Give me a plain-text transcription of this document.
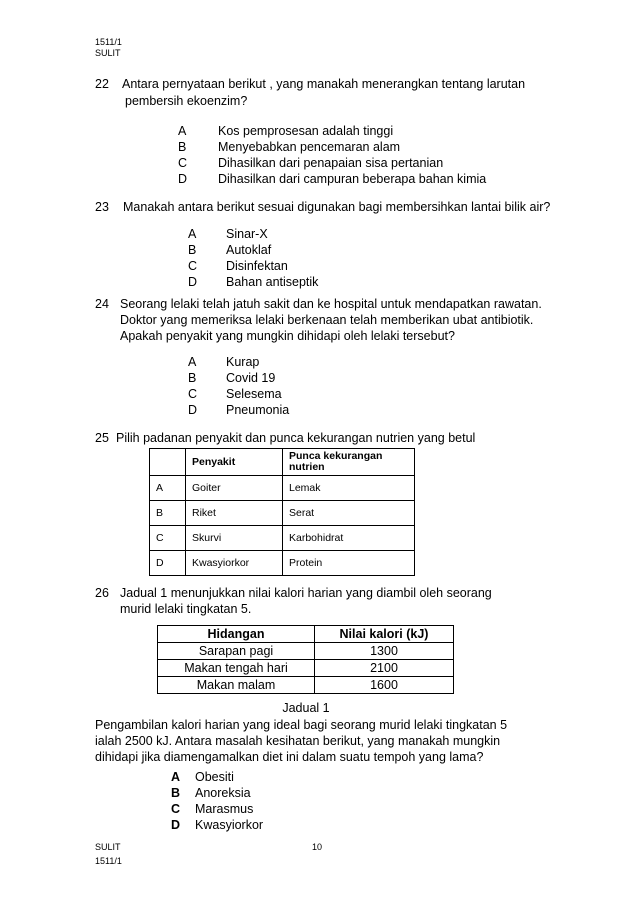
1511/1
SULIT
22 Antara pernyataan berikut , yang manakah menerangkan tentang larutan
pembersih ekoenzim?
A	Kos pemprosesan adalah tinggi
B	Menyebabkan pencemaran alam
C Dihasilkan dari penapaian sisa pertanian
D Dihasilkan dari campuran beberapa bahan kimia
23 Manakah antara berikut sesuai digunakan bagi membersihkan lantai bilik air?
A Sinar-X
B Autoklaf
C Disinfektan
D Bahan antiseptik
24 Seorang lelaki telah jatuh sakit dan ke hospital untuk mendapatkan rawatan.
Doktor yang memeriksa lelaki berkenaan telah memberikan ubat antibiotik.
Apakah penyakit yang mungkin dihidapi oleh lelaki tersebut?
A Kurap
B Covid 19
C Selesema
D Pneumonia
25 Pilih padanan penyakit dan punca kekurangan nutrien yang betul
	Penyakit	Punca kekurangan nutrien
A	Goiter	Lemak
B	Riket	Serat
C	Skurvi	Karbohidrat
D	Kwasyiorkor	Protein
26 Jadual 1 menunjukkan nilai kalori harian yang diambil oleh seorang
murid lelaki tingkatan 5.
Hidangan	Nilai kalori (kJ)
Sarapan pagi	1300
Makan tengah hari	2100
Makan malam	1600
Jadual 1
Pengambilan kalori harian yang ideal bagi seorang murid lelaki tingkatan 5
ialah 2500 kJ. Antara masalah kesihatan berikut, yang manakah mungkin
dihidapi jika diamengamalkan diet ini dalam suatu tempoh yang lama?
A Obesiti
B Anoreksia
C Marasmus
D Kwasyiorkor
SULIT
1511/1
10
